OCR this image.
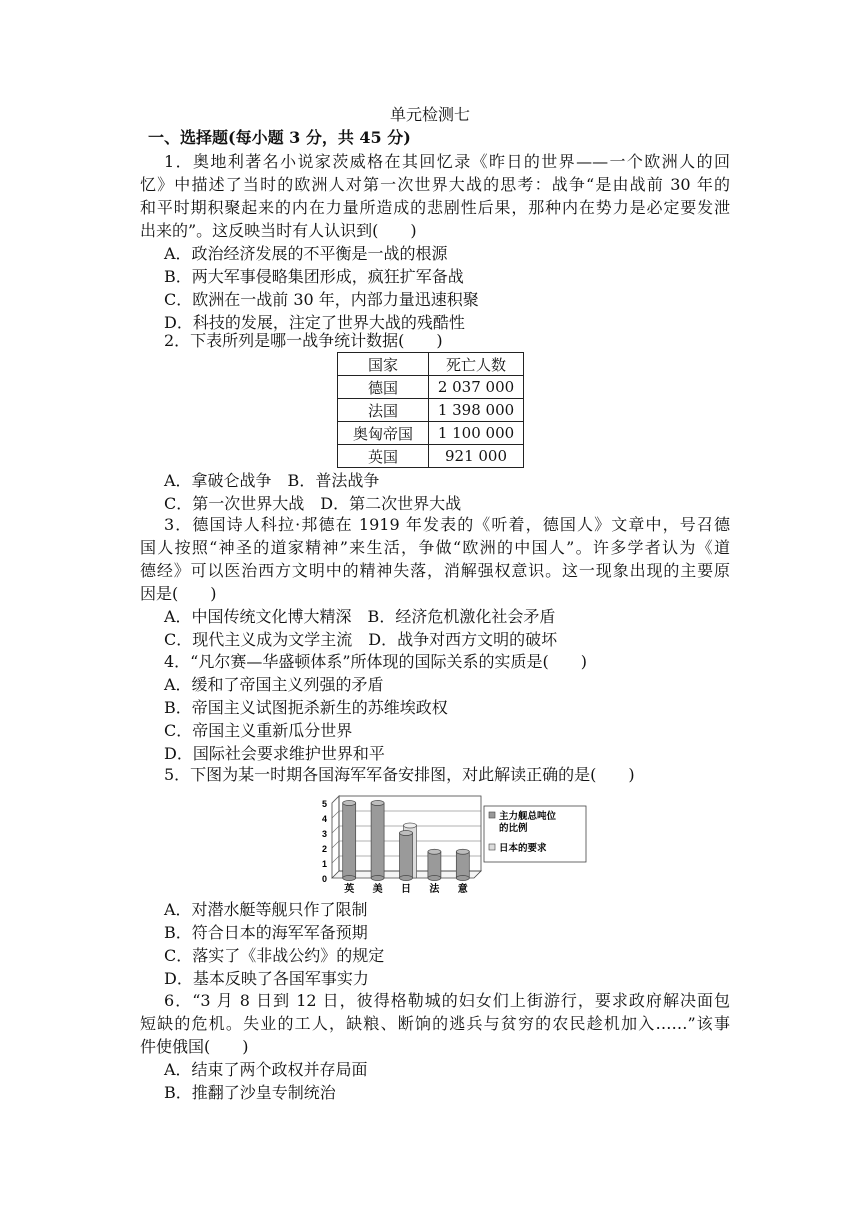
单元检测七
一、选择题(每小题 3 分，共 45 分)
1．奥地利著名小说家茨威格在其回忆录《昨日的世界——一个欧洲人的回
忆》中描述了当时的欧洲人对第一次世界大战的思考：战争“是由战前 30 年的
和平时期积聚起来的内在力量所造成的悲剧性后果，那种内在势力是必定要发泄
出来的”。这反映当时有人认识到(　　)
A．政治经济发展的不平衡是一战的根源
B．两大军事侵略集团形成，疯狂扩军备战
C．欧洲在一战前 30 年，内部力量迅速积聚
D．科技的发展，注定了世界大战的残酷性
2．下表所列是哪一战争统计数据(　　)
国家	死亡人数
德国	2 037 000
法国	1 398 000
奥匈帝国	1 100 000
英国	921 000
A．拿破仑战争　B．普法战争
C．第一次世界大战　D．第二次世界大战
3．德国诗人科拉·邦德在 1919 年发表的《听着，德国人》文章中，号召德
国人按照“神圣的道家精神”来生活，争做“欧洲的中国人”。许多学者认为《道
德经》可以医治西方文明中的精神失落，消解强权意识。这一现象出现的主要原
因是(　　)
A．中国传统文化博大精深　B．经济危机激化社会矛盾
C．现代主义成为文学主流　D．战争对西方文明的破坏
4．“凡尔赛—华盛顿体系”所体现的国际关系的实质是(　　)
A．缓和了帝国主义列强的矛盾
B．帝国主义试图扼杀新生的苏维埃政权
C．帝国主义重新瓜分世界
D．国际社会要求维护世界和平
5．下图为某一时期各国海军军备安排图，对此解读正确的是(　　)
0
1
2
3
4
5
英 美 日 法 意
主力舰总吨位的比例
日本的要求
A．对潜水艇等舰只作了限制
B．符合日本的海军军备预期
C．落实了《非战公约》的规定
D．基本反映了各国军事实力
6．“3 月 8 日到 12 日，彼得格勒城的妇女们上街游行，要求政府解决面包
短缺的危机。失业的工人，缺粮、断饷的逃兵与贫穷的农民趁机加入……”该事
件使俄国(　　)
A．结束了两个政权并存局面
B．推翻了沙皇专制统治
